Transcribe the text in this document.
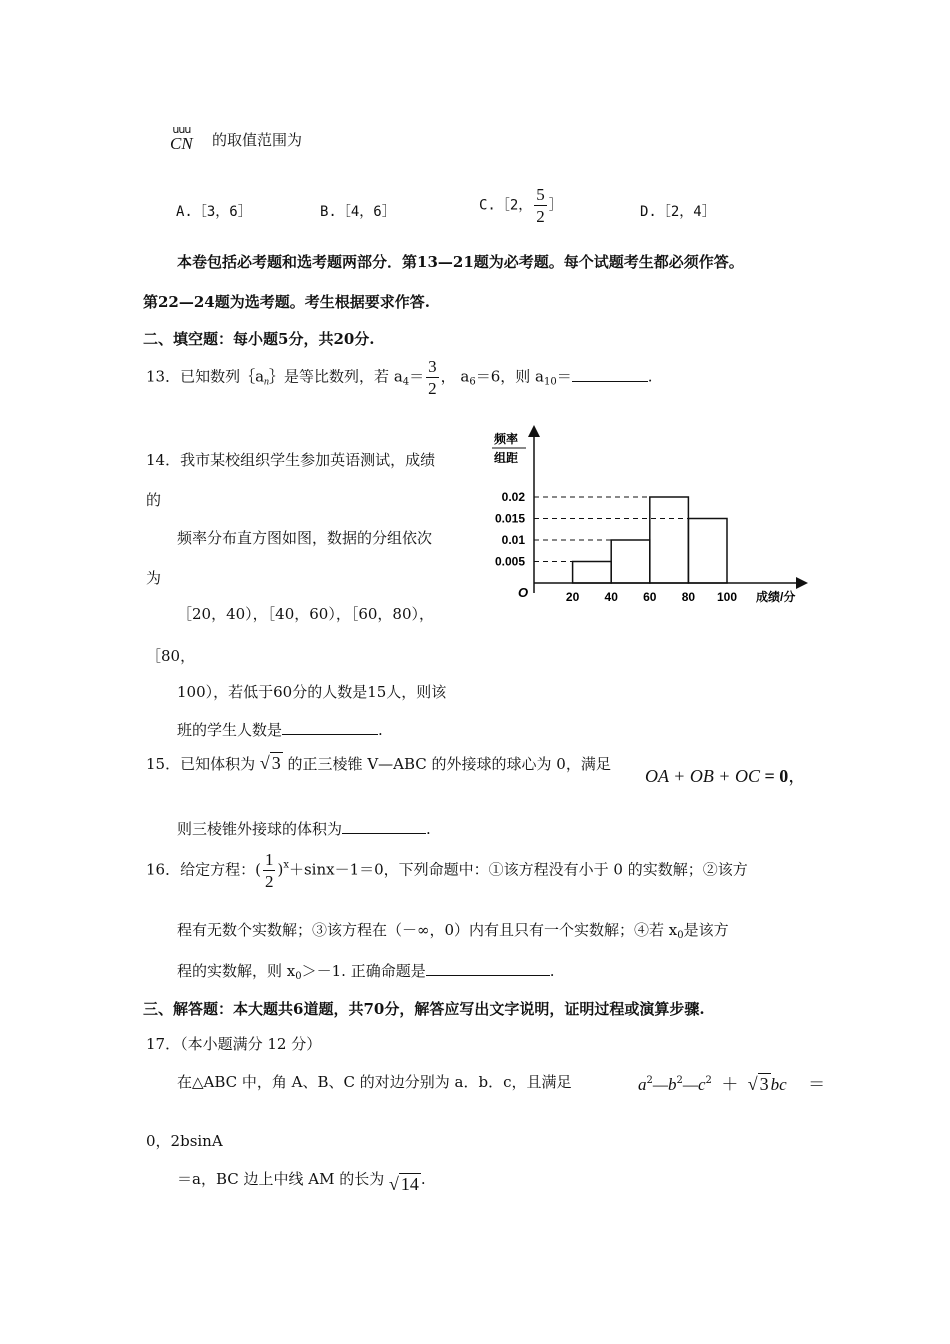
uuu
CN 的取值范围为
A.［3，6］	B.［4，6］	C.［2， $\frac{5}{2}$ ］	D.［2，4］
本卷包括必考题和选考题两部分．第13—21题为必考题。每个试题考生都必须作答。
第22—24题为选考题。考生根据要求作答.
二、填空题：每小题5分，共20分.
13．已知数列$\{a_n\}$是等比数列，若 $a_4= \frac{3}{2}$ ， $a_6=6$，则 $a_{10}=$	.
14．我市某校组织学生参加英语测试，成绩
的
频率分布直方图如图，数据的分组依次
为
［20，40），［40，60），［60，80），
［80，
100），若低于60分的人数是15人，则该
班的学生人数是	.
频率
组距
O	成绩/分
0.02
0.015
0.01
0.005
20 40 60 80 100
15．已知体积为 √ 3 的正三棱锥 V—ABC 的外接球的球心为 0，满足
OA + OB + OC = 0，
则三棱锥外接球的体积为	.
16．给定方程：( $\frac{1}{2} )^x+\sin x-1=0$，下列命题中：①该方程没有小于 0 的实数解；②该方
程有无数个实数解；③该方程在（－∞，0）内有且只有一个实数解；④若 $x_0$是该方
程的实数解，则 $x_0>-1$. 正确命题是	.
三、解答题：本大题共6道题，共70分，解答应写出文字说明，证明过程或演算步骤.
17．（本小题满分 12 分）
在△ABC 中，角 A、B、C 的对边分别为 a．b．c，且满足	$a^2—b^2—c^2$ ＋ √ 3 bc ＝
0，2bsinA
＝a，BC 边上中线 AM 的长为 √ 14 .
